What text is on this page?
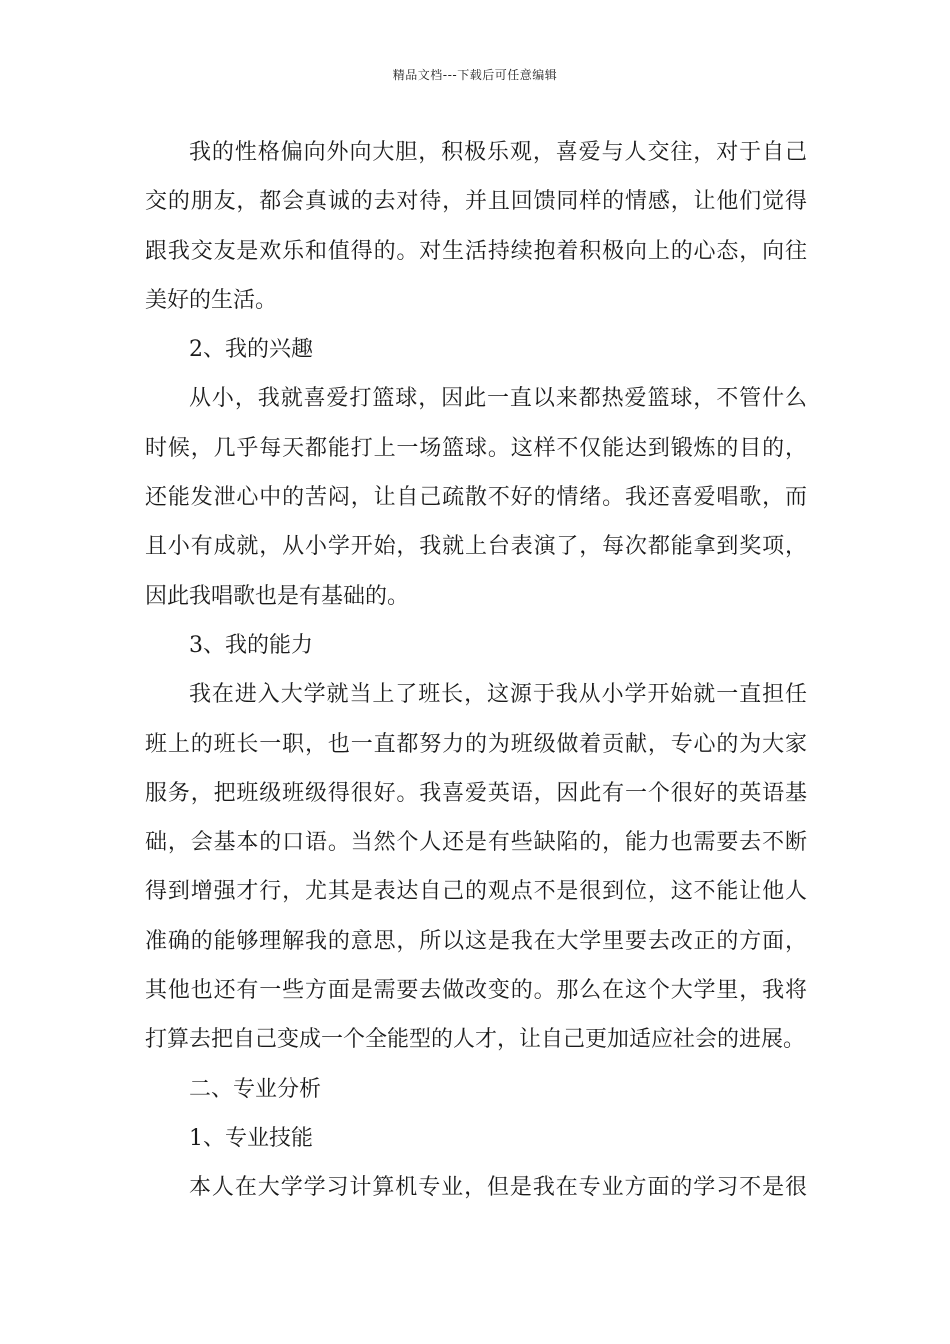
精品文档---下载后可任意编辑
我的性格偏向外向大胆，积极乐观，喜爱与人交往，对于自己
交的朋友，都会真诚的去对待，并且回馈同样的情感，让他们觉得
跟我交友是欢乐和值得的。对生活持续抱着积极向上的心态，向往
美好的生活。
2、我的兴趣
从小，我就喜爱打篮球，因此一直以来都热爱篮球，不管什么
时候，几乎每天都能打上一场篮球。这样不仅能达到锻炼的目的，
还能发泄心中的苦闷，让自己疏散不好的情绪。我还喜爱唱歌，而
且小有成就，从小学开始，我就上台表演了，每次都能拿到奖项，
因此我唱歌也是有基础的。
3、我的能力
我在进入大学就当上了班长，这源于我从小学开始就一直担任
班上的班长一职，也一直都努力的为班级做着贡献，专心的为大家
服务，把班级班级得很好。我喜爱英语，因此有一个很好的英语基
础，会基本的口语。当然个人还是有些缺陷的，能力也需要去不断
得到增强才行，尤其是表达自己的观点不是很到位，这不能让他人
准确的能够理解我的意思，所以这是我在大学里要去改正的方面，
其他也还有一些方面是需要去做改变的。那么在这个大学里，我将
打算去把自己变成一个全能型的人才，让自己更加适应社会的进展。
二、专业分析
1、专业技能
本人在大学学习计算机专业，但是我在专业方面的学习不是很
